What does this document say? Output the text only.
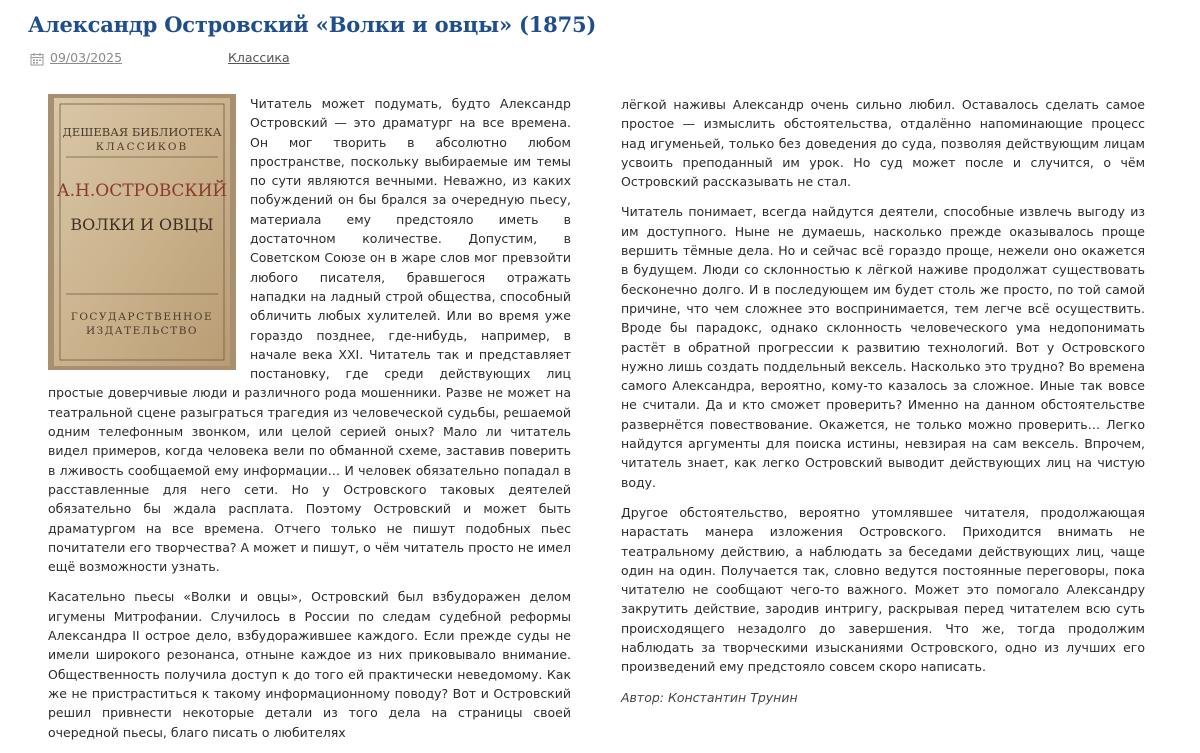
Александр Островский «Волки и овцы» (1875)
09/03/2025	Классика
ДЕШЕВАЯ БИБЛИОТЕКА
КЛАССИКОВ
А.Н.ОСТРОВСКИЙ
ВОЛКИ И ОВЦЫ
ГОСУДАРСТВЕННОЕ
ИЗДАТЕЛЬСТВО

Читатель может подумать, будто Александр Островский — это драматург на все времена. Он мог творить в абсолютно любом пространстве, поскольку выбираемые им темы по сути являются вечными. Неважно, из каких побуждений он бы брался за очередную пьесу, материала ему предстояло иметь в достаточном количестве. Допустим, в Советском Союзе он в жаре слов мог превзойти любого писателя, бравшегося отражать нападки на ладный строй общества, способный обличить любых хулителей. Или во время уже гораздо позднее, где-нибудь, например, в начале века XXI. Читатель так и представляет постановку, где среди действующих лиц простые доверчивые люди и различного рода мошенники. Разве не может на театральной сцене разыграться трагедия из человеческой судьбы, решаемой одним телефонным звонком, или целой серией оных? Мало ли читатель видел примеров, когда человека вели по обманной схеме, заставив поверить в лживость сообщаемой ему информации… И человек обязательно попадал в расставленные для него сети. Но у Островского таковых деятелей обязательно бы ждала расплата. Поэтому Островский и может быть драматургом на все времена. Отчего только не пишут подобных пьес почитатели его творчества? А может и пишут, о чём читатель просто не имел ещё возможности узнать.

Касательно пьесы «Волки и овцы», Островский был взбудоражен делом игумены Митрофании. Случилось в России по следам судебной реформы Александра II острое дело, взбудоражившее каждого. Если прежде суды не имели широкого резонанса, отныне каждое из них приковывало внимание. Общественность получила доступ к до того ей практически неведомому. Как же не пристраститься к такому информационному поводу? Вот и Островский решил привнести некоторые детали из того дела на страницы своей очередной пьесы, благо писать о любителях

лёгкой наживы Александр очень сильно любил. Оставалось сделать самое простое — измыслить обстоятельства, отдалённо напоминающие процесс над игуменьей, только без доведения до суда, позволяя действующим лицам усвоить преподанный им урок. Но суд может после и случится, о чём Островский рассказывать не стал.

Читатель понимает, всегда найдутся деятели, способные извлечь выгоду из им доступного. Ныне не думаешь, насколько прежде оказывалось проще вершить тёмные дела. Но и сейчас всё гораздо проще, нежели оно окажется в будущем. Люди со склонностью к лёгкой наживе продолжат существовать бесконечно долго. И в последующем им будет столь же просто, по той самой причине, что чем сложнее это воспринимается, тем легче всё осуществить. Вроде бы парадокс, однако склонность человеческого ума недопонимать растёт в обратной прогрессии к развитию технологий. Вот у Островского нужно лишь создать поддельный вексель. Насколько это трудно? Во времена самого Александра, вероятно, кому-то казалось за сложное. Иные так вовсе не считали. Да и кто сможет проверить? Именно на данном обстоятельстве развернётся повествование. Окажется, не только можно проверить… Легко найдутся аргументы для поиска истины, невзирая на сам вексель. Впрочем, читатель знает, как легко Островский выводит действующих лиц на чистую воду.

Другое обстоятельство, вероятно утомлявшее читателя, продолжающая нарастать манера изложения Островского. Приходится внимать не театральному действию, а наблюдать за беседами действующих лиц, чаще один на один. Получается так, словно ведутся постоянные переговоры, пока читателю не сообщают чего-то важного. Может это помогало Александру закрутить действие, зародив интригу, раскрывая перед читателем всю суть происходящего незадолго до завершения. Что же, тогда продолжим наблюдать за творческими изысканиями Островского, одно из лучших его произведений ему предстояло совсем скоро написать.

Автор: Константин Трунин
